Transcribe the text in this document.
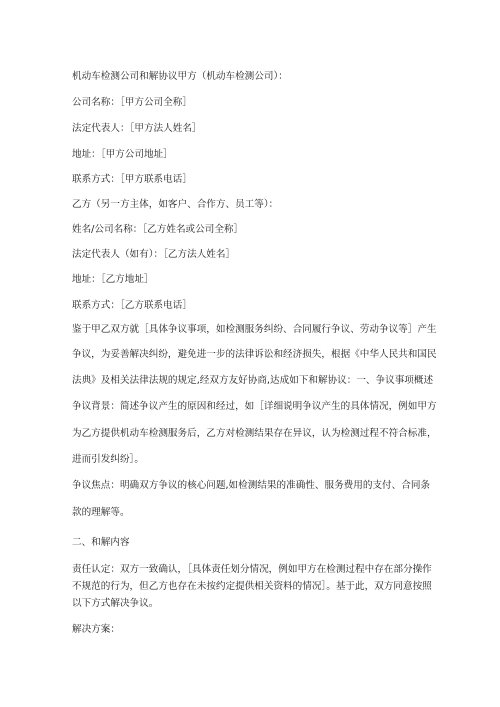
机动车检测公司和解协议甲方（机动车检测公司）：
公司名称：［甲方公司全称］
法定代表人：［甲方法人姓名］
地址：［甲方公司地址］
联系方式：［甲方联系电话］
乙方（另一方主体，如客户、合作方、员工等）：
姓名/公司名称：［乙方姓名或公司全称］
法定代表人（如有）：［乙方法人姓名］
地址：［乙方地址］
联系方式：［乙方联系电话］
鉴于甲乙双方就［具体争议事项，如检测服务纠纷、合同履行争议、劳动争议等］产生
争议，为妥善解决纠纷，避免进一步的法律诉讼和经济损失，根据《中华人民共和国民
法典》及相关法律法规的规定,经双方友好协商,达成如下和解协议：一、争议事项概述
争议背景：简述争议产生的原因和经过，如［详细说明争议产生的具体情况，例如甲方
为乙方提供机动车检测服务后，乙方对检测结果存在异议，认为检测过程不符合标准，
进而引发纠纷］。
争议焦点：明确双方争议的核心问题,如检测结果的准确性、服务费用的支付、合同条
款的理解等。
二、和解内容
责任认定：双方一致确认，［具体责任划分情况，例如甲方在检测过程中存在部分操作
不规范的行为，但乙方也存在未按约定提供相关资料的情况］。基于此，双方同意按照
以下方式解决争议。
解决方案：
